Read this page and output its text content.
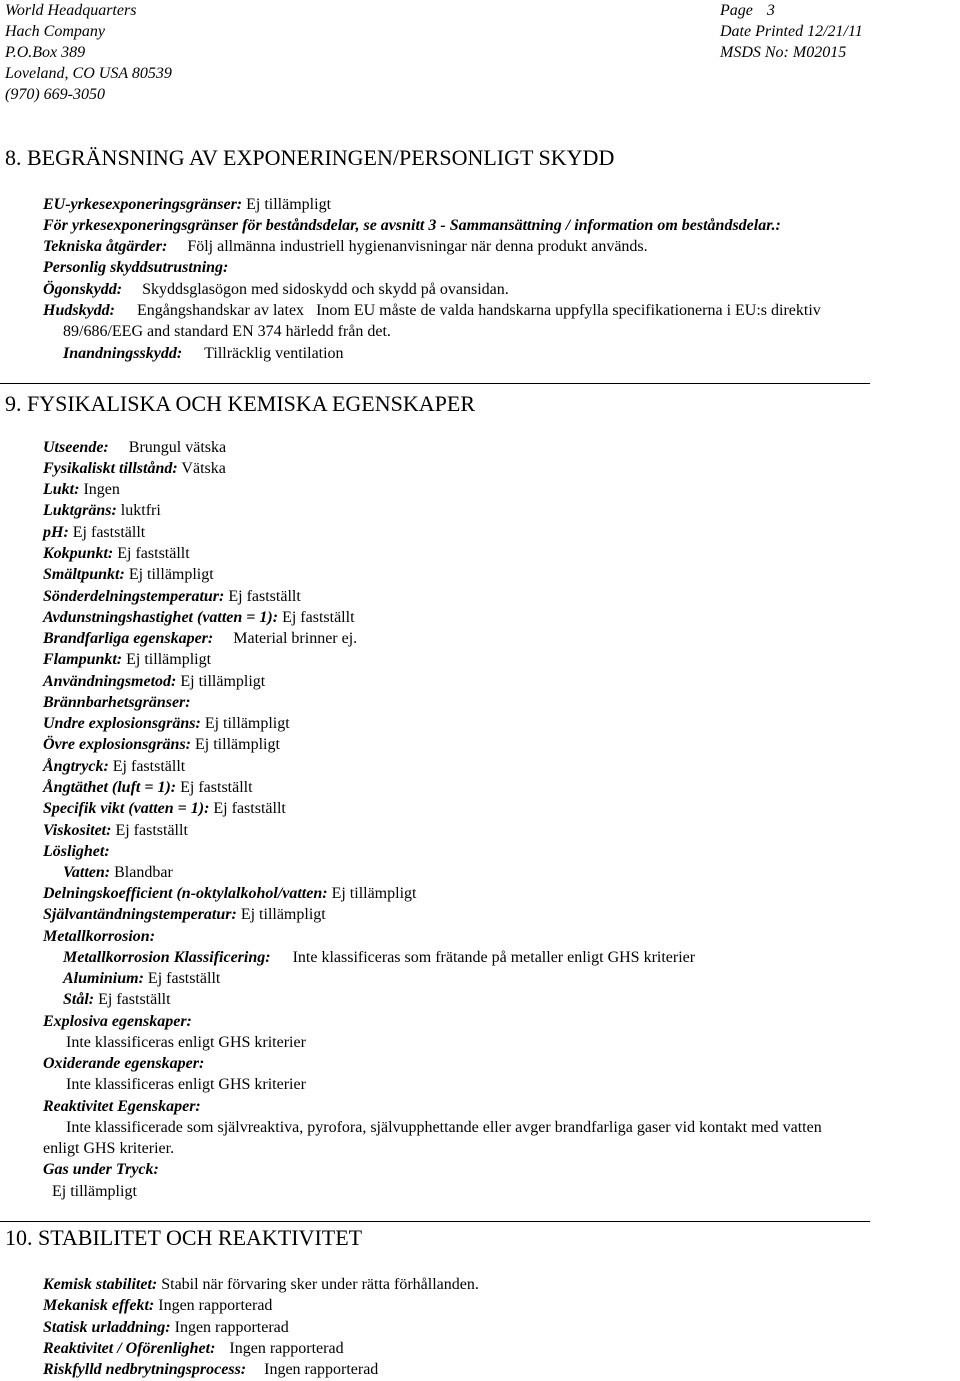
World Headquarters
Hach Company
P.O.Box 389
Loveland, CO USA 80539
(970) 669-3050
Page 3
Date Printed 12/21/11
MSDS No: M02015
8. BEGRÄNSNING AV EXPONERINGEN/PERSONLIGT SKYDD
EU-yrkesexponeringsgränser: Ej tillämpligt
För yrkesexponeringsgränser för beståndsdelar, se avsnitt 3 - Sammansättning / information om beståndsdelar.:
Tekniska åtgärder: Följ allmänna industriell hygienanvisningar när denna produkt används.
Personlig skyddsutrustning:
Ögonskydd: Skyddsglasögon med sidoskydd och skydd på ovansidan.
Hudskydd: Engångshandskar av latex Inom EU måste de valda handskarna uppfylla specifikationerna i EU:s direktiv
89/686/EEG and standard EN 374 härledd från det.
Inandningsskydd: Tillräcklig ventilation
9. FYSIKALISKA OCH KEMISKA EGENSKAPER
Utseende: Brungul vätska
Fysikaliskt tillstånd: Vätska
Lukt: Ingen
Luktgräns: luktfri
pH: Ej fastställt
Kokpunkt: Ej fastställt
Smältpunkt: Ej tillämpligt
Sönderdelningstemperatur: Ej fastställt
Avdunstningshastighet (vatten = 1): Ej fastställt
Brandfarliga egenskaper: Material brinner ej.
Flampunkt: Ej tillämpligt
Användningsmetod: Ej tillämpligt
Brännbarhetsgränser:
Undre explosionsgräns: Ej tillämpligt
Övre explosionsgräns: Ej tillämpligt
Ångtryck: Ej fastställt
Ångtäthet (luft = 1): Ej fastställt
Specifik vikt (vatten = 1): Ej fastställt
Viskositet: Ej fastställt
Löslighet:
Vatten: Blandbar
Delningskoefficient (n-oktylalkohol/vatten: Ej tillämpligt
Självantändningstemperatur: Ej tillämpligt
Metallkorrosion:
Metallkorrosion Klassificering: Inte klassificeras som frätande på metaller enligt GHS kriterier
Aluminium: Ej fastställt
Stål: Ej fastställt
Explosiva egenskaper:
Inte klassificeras enligt GHS kriterier
Oxiderande egenskaper:
Inte klassificeras enligt GHS kriterier
Reaktivitet Egenskaper:
Inte klassificerade som självreaktiva, pyrofora, självupphettande eller avger brandfarliga gaser vid kontakt med vatten
enligt GHS kriterier.
Gas under Tryck:
Ej tillämpligt
10. STABILITET OCH REAKTIVITET
Kemisk stabilitet: Stabil när förvaring sker under rätta förhållanden.
Mekanisk effekt: Ingen rapporterad
Statisk urladdning: Ingen rapporterad
Reaktivitet / Oförenlighet: Ingen rapporterad
Riskfylld nedbrytningsprocess: Ingen rapporterad
